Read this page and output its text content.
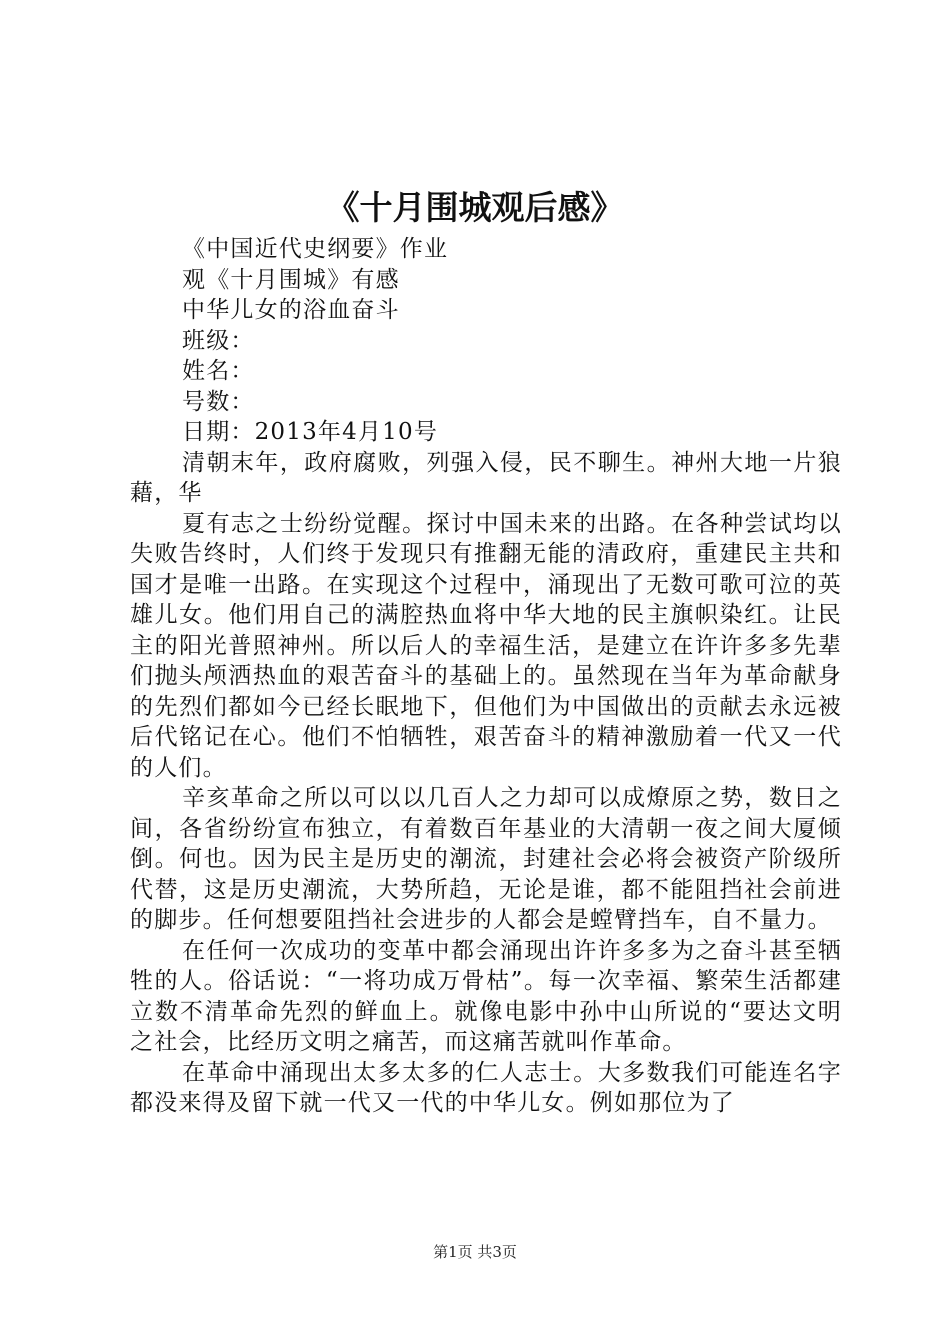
《十月围城观后感》

《中国近代史纲要》作业

观《十月围城》有感

中华儿女的浴血奋斗

班级：

姓名：

号数：

日期：2013年4月10号

清朝末年，政府腐败，列强入侵，民不聊生。神州大地一片狼藉，华

夏有志之士纷纷觉醒。探讨中国未来的出路。在各种尝试均以失败告终时，人们终于发现只有推翻无能的清政府，重建民主共和国才是唯一出路。在实现这个过程中，涌现出了无数可歌可泣的英雄儿女。他们用自己的满腔热血将中华大地的民主旗帜染红。让民主的阳光普照神州。所以后人的幸福生活，是建立在许许多多先辈们抛头颅洒热血的艰苦奋斗的基础上的。虽然现在当年为革命献身的先烈们都如今已经长眠地下，但他们为中国做出的贡献去永远被后代铭记在心。他们不怕牺牲，艰苦奋斗的精神激励着一代又一代的人们。

辛亥革命之所以可以以几百人之力却可以成燎原之势，数日之间，各省纷纷宣布独立，有着数百年基业的大清朝一夜之间大厦倾倒。何也。因为民主是历史的潮流，封建社会必将会被资产阶级所代替，这是历史潮流，大势所趋，无论是谁，都不能阻挡社会前进的脚步。任何想要阻挡社会进步的人都会是螳臂挡车，自不量力。

在任何一次成功的变革中都会涌现出许许多多为之奋斗甚至牺牲的人。俗话说：“一将功成万骨枯”。每一次幸福、繁荣生活都建立数不清革命先烈的鲜血上。就像电影中孙中山所说的“要达文明之社会，比经历文明之痛苦，而这痛苦就叫作革命。

在革命中涌现出太多太多的仁人志士。大多数我们可能连名字都没来得及留下就一代又一代的中华儿女。例如那位为了

第1页 共3页
